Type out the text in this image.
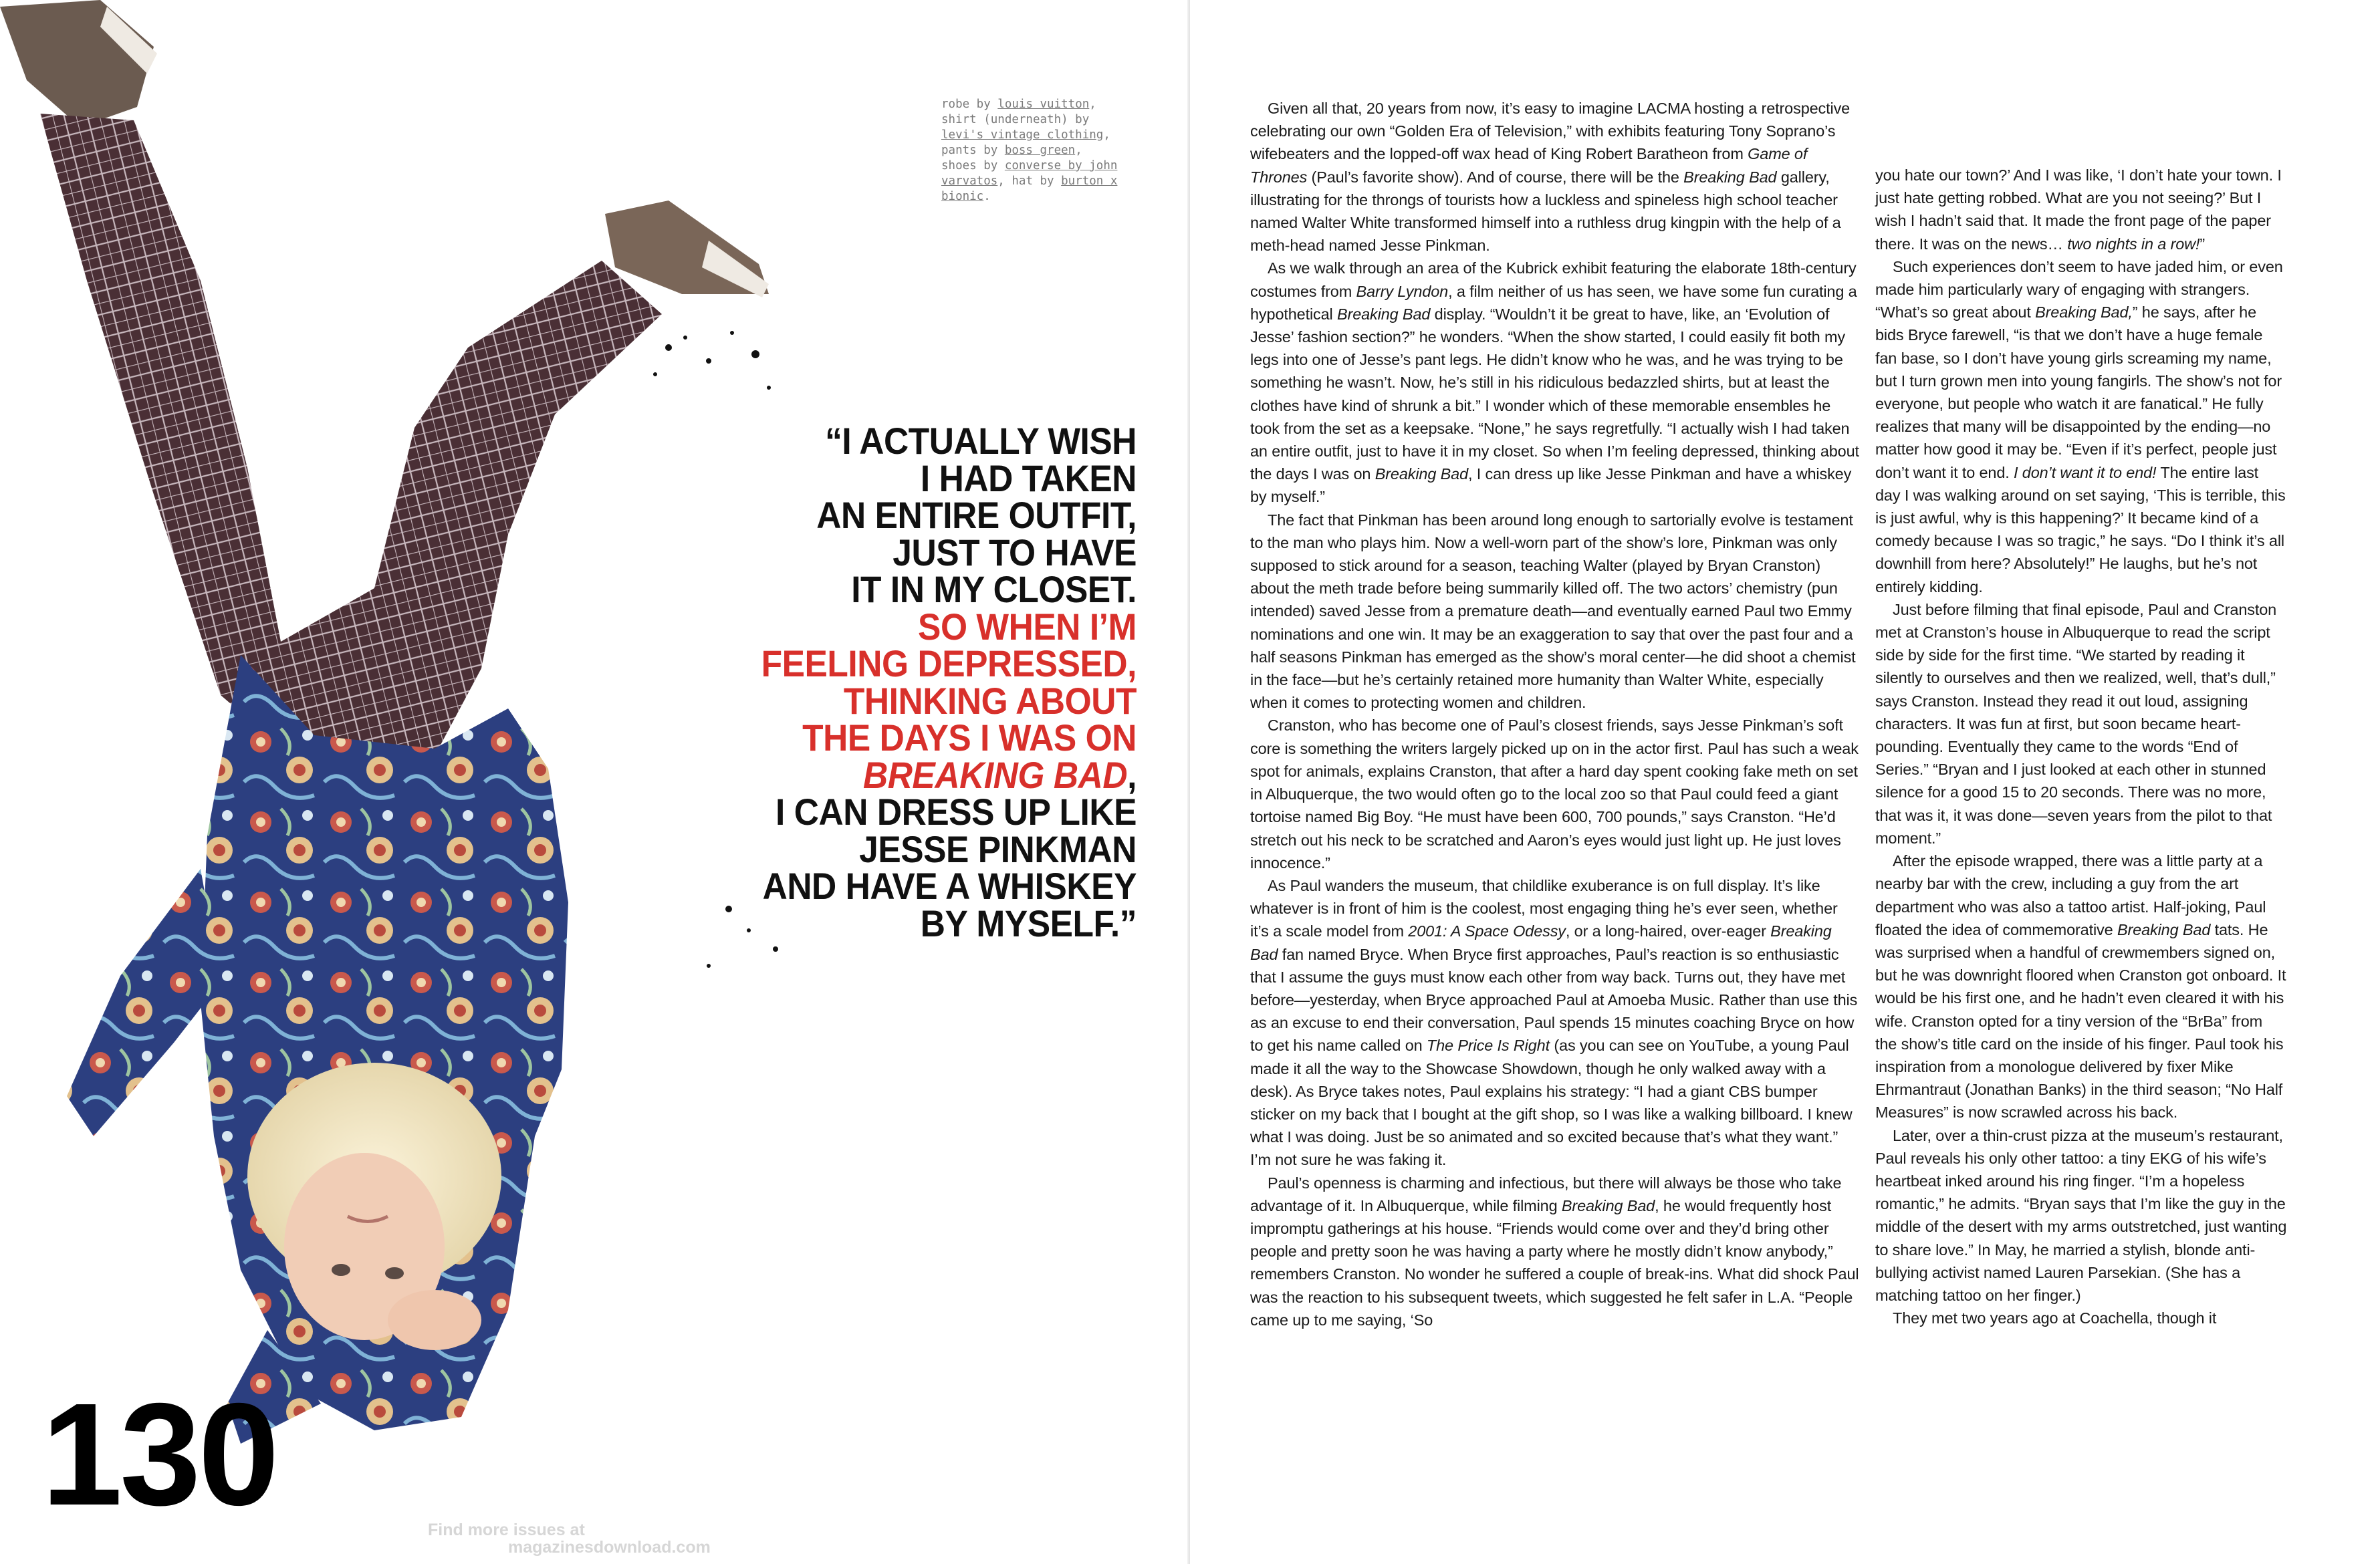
robe by louis vuitton, shirt (underneath) by levi's vintage clothing, pants by boss green, shoes by converse by john varvatos, hat by burton x bionic.
“I ACTUALLY WISH
I HAD TAKEN
AN ENTIRE OUTFIT,
JUST TO HAVE
IT IN MY CLOSET.
SO WHEN I’M
FEELING DEPRESSED,
THINKING ABOUT
THE DAYS I WAS ON
BREAKING BAD,
I CAN DRESS UP LIKE
JESSE PINKMAN
AND HAVE A WHISKEY
BY MYSELF.”
130	Find more issues at
magazinesdownload.com

Given all that, 20 years from now, it’s easy to imagine LACMA hosting a retrospective celebrating our own “Golden Era of Television,” with exhibits featuring Tony Soprano’s wifebeaters and the lopped-off wax head of King Robert Baratheon from Game of Thrones (Paul’s favorite show). And of course, there will be the Breaking Bad gallery, illustrating for the throngs of tourists how a luckless and spineless high school teacher named Walter White transformed himself into a ruthless drug kingpin with the help of a meth-head named Jesse Pinkman.

As we walk through an area of the Kubrick exhibit featuring the elaborate 18th-century costumes from Barry Lyndon, a film neither of us has seen, we have some fun curating a hypothetical Breaking Bad display. “Wouldn’t it be great to have, like, an ‘Evolution of Jesse’ fashion section?” he wonders. “When the show started, I could easily fit both my legs into one of Jesse’s pant legs. He didn’t know who he was, and he was trying to be something he wasn’t. Now, he’s still in his ridiculous bedazzled shirts, but at least the clothes have kind of shrunk a bit.” I wonder which of these memorable ensembles he took from the set as a keepsake. “None,” he says regretfully. “I actually wish I had taken an entire outfit, just to have it in my closet. So when I’m feeling depressed, thinking about the days I was on Breaking Bad, I can dress up like Jesse Pinkman and have a whiskey by myself.”

The fact that Pinkman has been around long enough to sartorially evolve is testament to the man who plays him. Now a well-worn part of the show’s lore, Pinkman was only supposed to stick around for a season, teaching Walter (played by Bryan Cranston) about the meth trade before being summarily killed off. The two actors’ chemistry (pun intended) saved Jesse from a premature death—and eventually earned Paul two Emmy nominations and one win. It may be an exaggeration to say that over the past four and a half seasons Pinkman has emerged as the show’s moral center—he did shoot a chemist in the face—but he’s certainly retained more humanity than Walter White, especially when it comes to protecting women and children.

Cranston, who has become one of Paul’s closest friends, says Jesse Pinkman’s soft core is something the writers largely picked up on in the actor first. Paul has such a weak spot for animals, explains Cranston, that after a hard day spent cooking fake meth on set in Albuquerque, the two would often go to the local zoo so that Paul could feed a giant tortoise named Big Boy. “He must have been 600, 700 pounds,” says Cranston. “He’d stretch out his neck to be scratched and Aaron’s eyes would just light up. He just loves innocence.”

As Paul wanders the museum, that childlike exuberance is on full display. It’s like whatever is in front of him is the coolest, most engaging thing he’s ever seen, whether it’s a scale model from 2001: A Space Odessy, or a long-haired, over-eager Breaking Bad fan named Bryce. When Bryce first approaches, Paul’s reaction is so enthusiastic that I assume the guys must know each other from way back. Turns out, they have met before—yesterday, when Bryce approached Paul at Amoeba Music. Rather than use this as an excuse to end their conversation, Paul spends 15 minutes coaching Bryce on how to get his name called on The Price Is Right (as you can see on YouTube, a young Paul made it all the way to the Showcase Showdown, though he only walked away with a desk). As Bryce takes notes, Paul explains his strategy: “I had a giant CBS bumper sticker on my back that I bought at the gift shop, so I was like a walking billboard. I knew what I was doing. Just be so animated and so excited because that’s what they want.” I’m not sure he was faking it.

Paul’s openness is charming and infectious, but there will always be those who take advantage of it. In Albuquerque, while filming Breaking Bad, he would frequently host impromptu gatherings at his house. “Friends would come over and they’d bring other people and pretty soon he was having a party where he mostly didn’t know anybody,” remembers Cranston. No wonder he suffered a couple of break-ins. What did shock Paul was the reaction to his subsequent tweets, which suggested he felt safer in L.A. “People came up to me saying, ‘So

you hate our town?’ And I was like, ‘I don’t hate your town. I just hate getting robbed. What are you not seeing?’ But I wish I hadn’t said that. It made the front page of the paper there. It was on the news… two nights in a row!”

Such experiences don’t seem to have jaded him, or even made him particularly wary of engaging with strangers. “What’s so great about Breaking Bad,” he says, after he bids Bryce farewell, “is that we don’t have a huge female fan base, so I don’t have young girls screaming my name, but I turn grown men into young fangirls. The show’s not for everyone, but people who watch it are fanatical.” He fully realizes that many will be disappointed by the ending—no matter how good it may be. “Even if it’s perfect, people just don’t want it to end. I don’t want it to end! The entire last day I was walking around on set saying, ‘This is terrible, this is just awful, why is this happening?’ It became kind of a comedy because I was so tragic,” he says. “Do I think it’s all downhill from here? Absolutely!” He laughs, but he’s not entirely kidding.

Just before filming that final episode, Paul and Cranston met at Cranston’s house in Albuquerque to read the script side by side for the first time. “We started by reading it silently to ourselves and then we realized, well, that’s dull,” says Cranston. Instead they read it out loud, assigning characters. It was fun at first, but soon became heart-pounding. Eventually they came to the words “End of Series.” “Bryan and I just looked at each other in stunned silence for a good 15 to 20 seconds. There was no more, that was it, it was done—seven years from the pilot to that moment.”

After the episode wrapped, there was a little party at a nearby bar with the crew, including a guy from the art department who was also a tattoo artist. Half-joking, Paul floated the idea of commemorative Breaking Bad tats. He was surprised when a handful of crewmembers signed on, but he was downright floored when Cranston got onboard. It would be his first one, and he hadn’t even cleared it with his wife. Cranston opted for a tiny version of the “BrBa” from the show’s title card on the inside of his finger. Paul took his inspiration from a monologue delivered by fixer Mike Ehrmantraut (Jonathan Banks) in the third season; “No Half Measures” is now scrawled across his back.

Later, over a thin-crust pizza at the museum’s restaurant, Paul reveals his only other tattoo: a tiny EKG of his wife’s heartbeat inked around his ring finger. “I’m a hopeless romantic,” he admits. “Bryan says that I’m like the guy in the middle of the desert with my arms outstretched, just wanting to share love.” In May, he married a stylish, blonde anti-bullying activist named Lauren Parsekian. (She has a matching tattoo on her finger.)

They met two years ago at Coachella, though it
